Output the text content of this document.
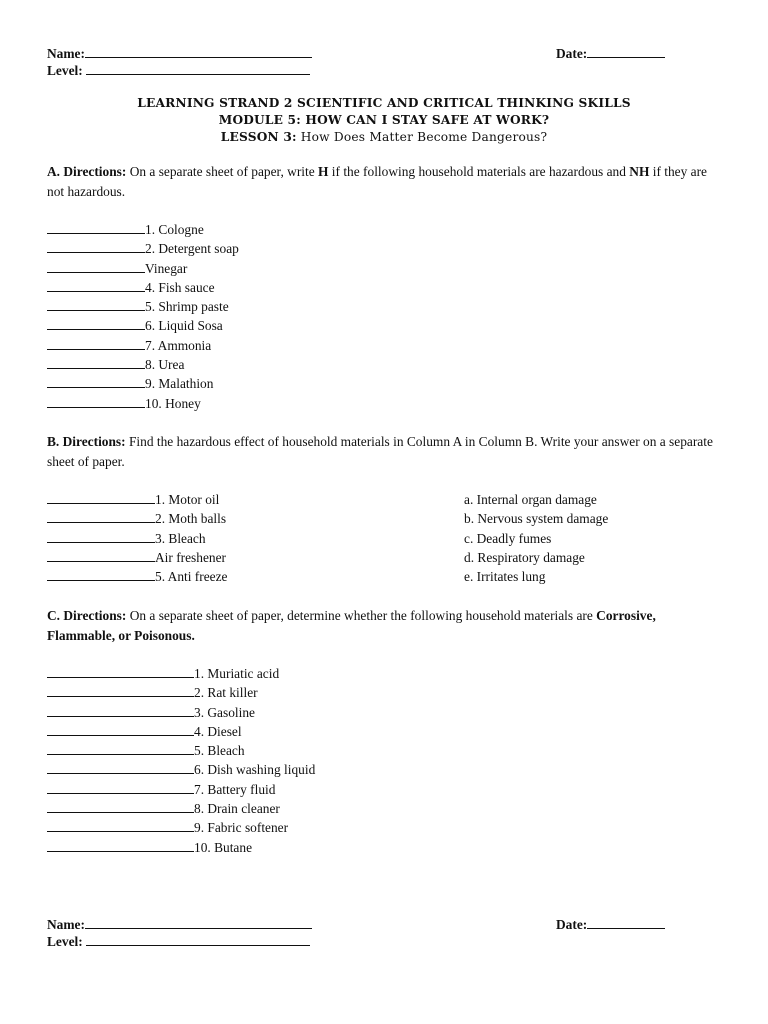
Name:	Date:
Level:
LEARNING STRAND 2 SCIENTIFIC AND CRITICAL THINKING SKILLS
MODULE 5: HOW CAN I STAY SAFE AT WORK?
LESSON 3: How Does Matter Become Dangerous?
A. Directions: On a separate sheet of paper, write H if the following household materials are hazardous and NH if they are not hazardous.
1. Cologne
2. Detergent soap
Vinegar
4. Fish sauce
5. Shrimp paste
6. Liquid Sosa
7. Ammonia
8. Urea
9. Malathion
10. Honey
B. Directions: Find the hazardous effect of household materials in Column A in Column B. Write your answer on a separate sheet of paper.
1. Motor oil
2. Moth balls
3. Bleach
Air freshener
5. Anti freeze
a. Internal organ damage
b. Nervous system damage
c. Deadly fumes
d. Respiratory damage
e. Irritates lung
C. Directions: On a separate sheet of paper, determine whether the following household materials are Corrosive, Flammable, or Poisonous.
1. Muriatic acid
2. Rat killer
3. Gasoline
4. Diesel
5. Bleach
6. Dish washing liquid
7. Battery fluid
8. Drain cleaner
9. Fabric softener
10. Butane
Name:	Date:
Level:
